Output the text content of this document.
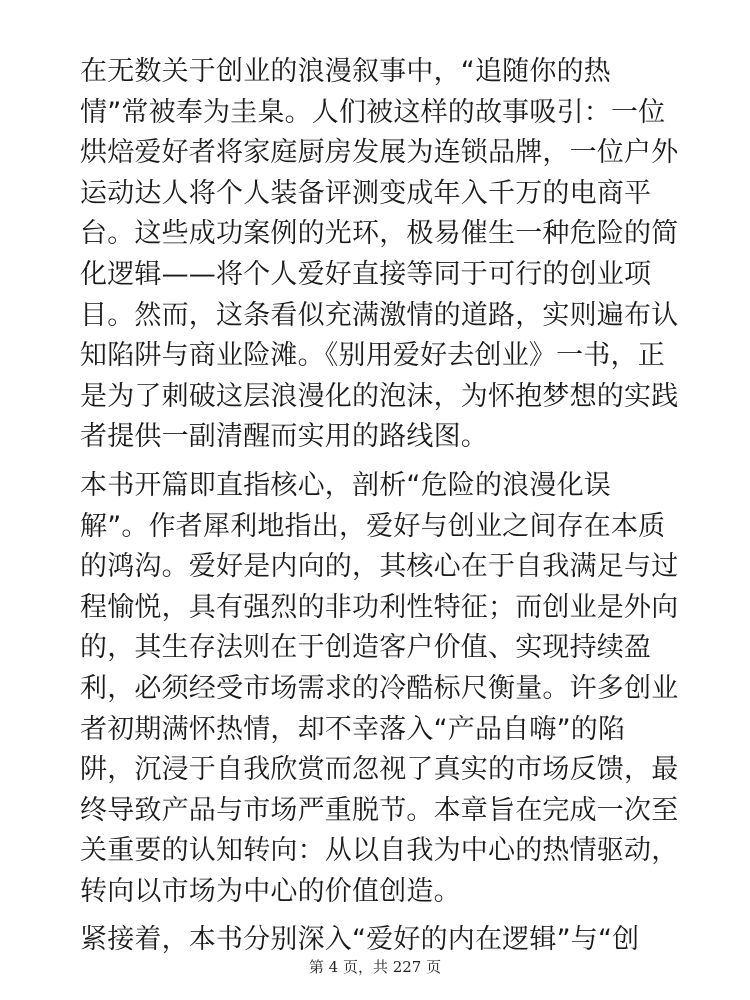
在无数关于创业的浪漫叙事中，“追随你的热
情”常被奉为圭臬。人们被这样的故事吸引：一位
烘焙爱好者将家庭厨房发展为连锁品牌，一位户外
运动达人将个人装备评测变成年入千万的电商平
台。这些成功案例的光环，极易催生一种危险的简
化逻辑——将个人爱好直接等同于可行的创业项
目。然而，这条看似充满激情的道路，实则遍布认
知陷阱与商业险滩。《别用爱好去创业》一书，正
是为了刺破这层浪漫化的泡沫，为怀抱梦想的实践
者提供一副清醒而实用的路线图。

本书开篇即直指核心，剖析“危险的浪漫化误
解”。作者犀利地指出，爱好与创业之间存在本质
的鸿沟。爱好是内向的，其核心在于自我满足与过
程愉悦，具有强烈的非功利性特征；而创业是外向
的，其生存法则在于创造客户价值、实现持续盈
利，必须经受市场需求的冷酷标尺衡量。许多创业
者初期满怀热情，却不幸落入“产品自嗨”的陷
阱，沉浸于自我欣赏而忽视了真实的市场反馈，最
终导致产品与市场严重脱节。本章旨在完成一次至
关重要的认知转向：从以自我为中心的热情驱动，
转向以市场为中心的价值创造。

紧接着，本书分别深入“爱好的内在逻辑”与“创

第 4 页，共 227 页
